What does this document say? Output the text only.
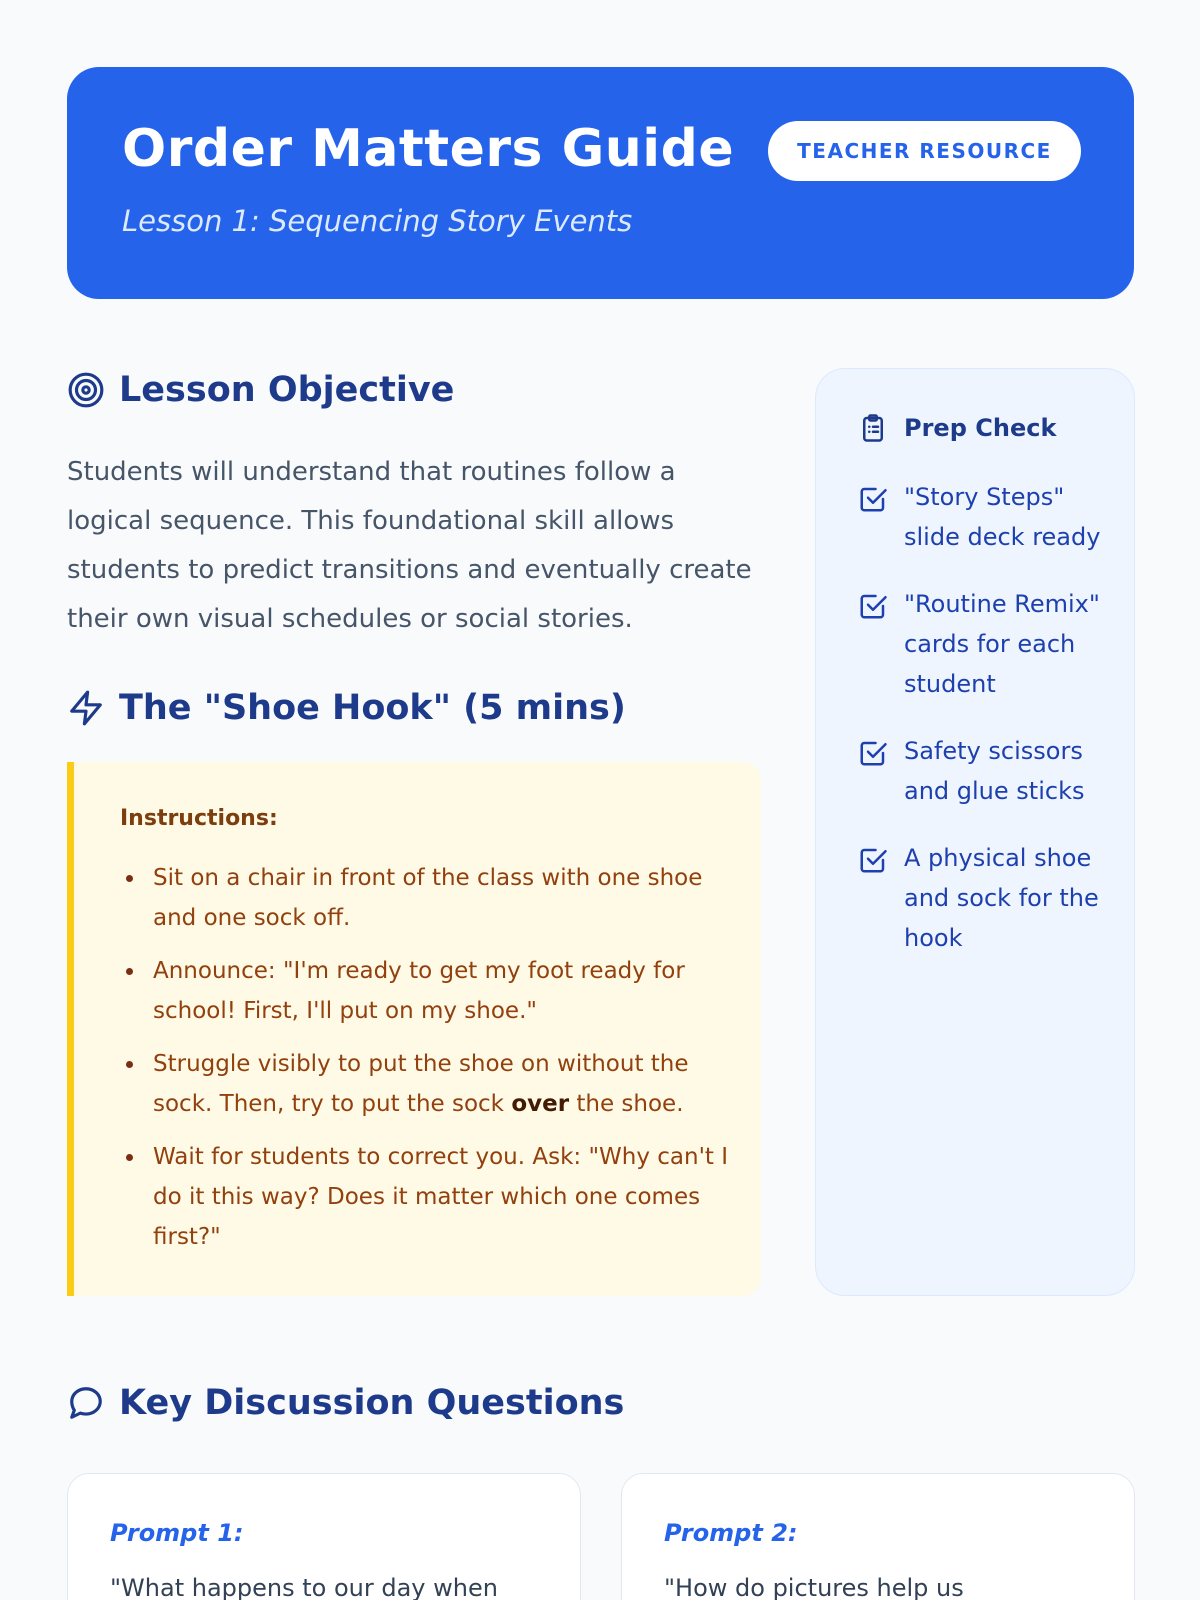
Order Matters Guide
Lesson 1: Sequencing Story Events
TEACHER RESOURCE
Lesson Objective

Students will understand that routines follow a logical sequence. This foundational skill allows students to predict transitions and eventually create their own visual schedules or social stories.

The "Shoe Hook" (5 mins)
Instructions:
Sit on a chair in front of the class with one shoe and one sock off.
Announce: "I'm ready to get my foot ready for school! First, I'll put on my shoe."
Struggle visibly to put the shoe on without the sock. Then, try to put the sock over the shoe.
Wait for students to correct you. Ask: "Why can't I do it this way? Does it matter which one comes first?"
Prep Check
"Story Steps" slide deck ready
"Routine Remix" cards for each student
Safety scissors and glue sticks
A physical shoe and sock for the hook
Key Discussion Questions
Prompt 1:
"What happens to our day when
Prompt 2:
"How do pictures help us
